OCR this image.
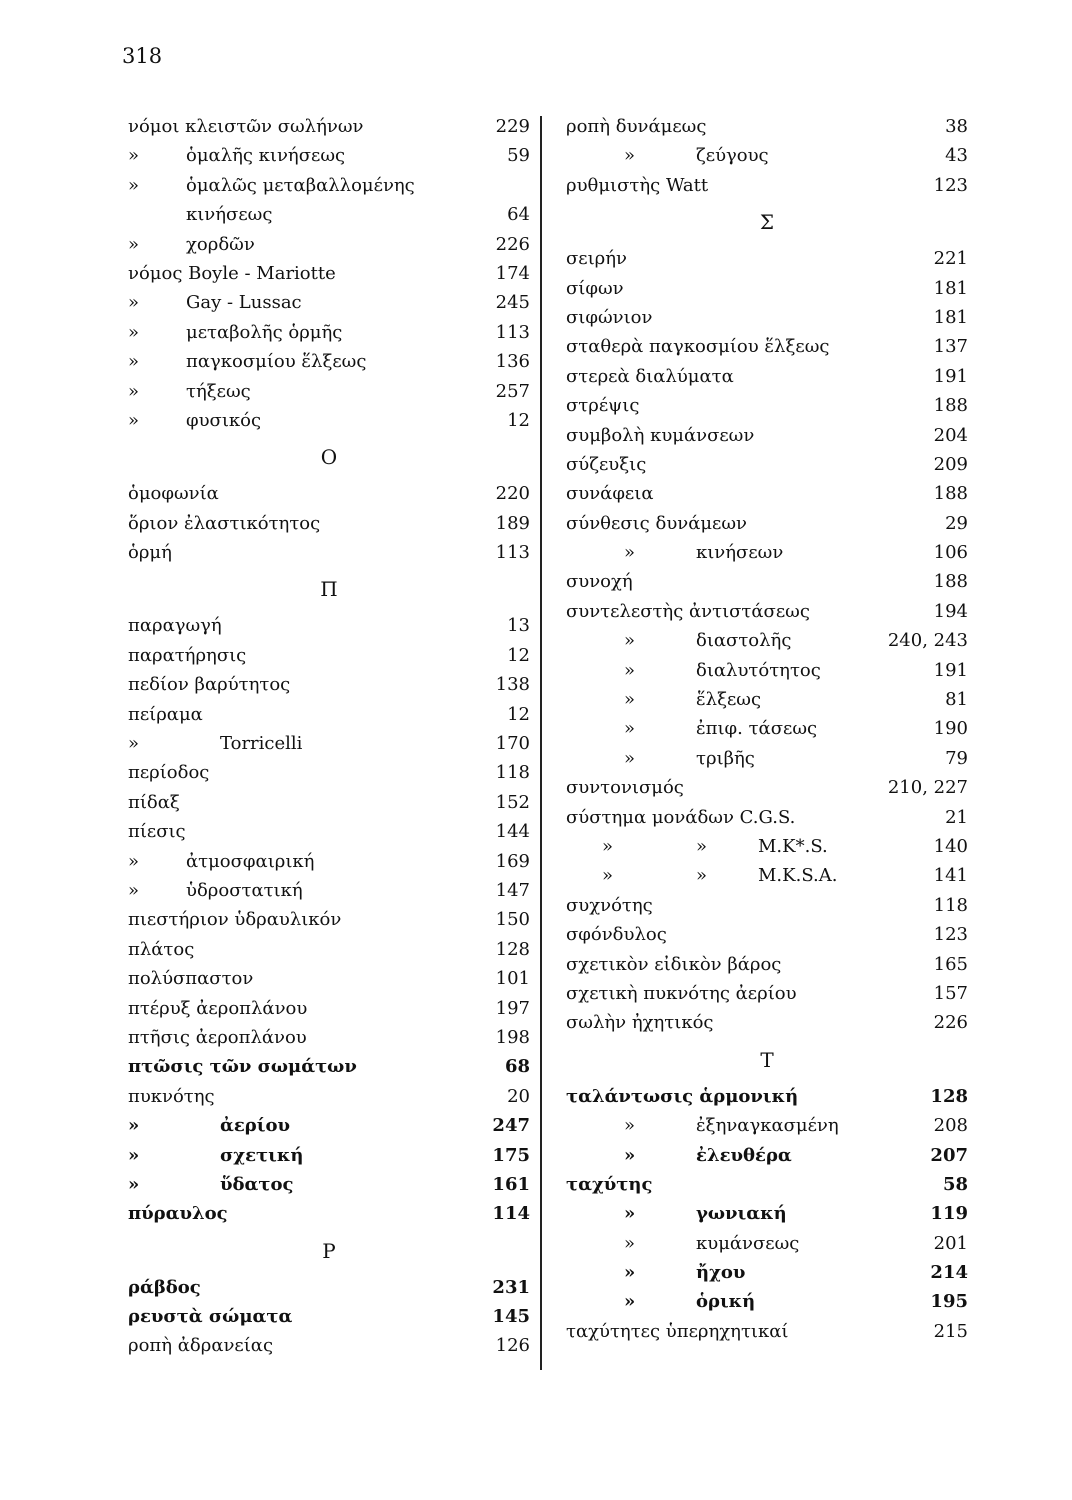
318
νόμοι κλειστῶν σωλήνων	229
»	ὁμαλῆς κινήσεως	59
»	ὁμαλῶς μεταβαλλομένης
κινήσεως	64
»	χορδῶν	226
νόμος Boyle - Mariotte	174
»	Gay - Lussac	245
»	μεταβολῆς ὁρμῆς	113
»	παγκοσμίου ἕλξεως	136
»	τήξεως	257
»	φυσικός	12
Ο
ὁμοφωνία	220
ὅριον ἐλαστικότητος	189
ὁρμή	113
Π
παραγωγή	13
παρατήρησις	12
πεδίον βαρύτητος	138
πείραμα	12
»	Torricelli	170
περίοδος	118
πίδαξ	152
πίεσις	144
»	ἀτμοσφαιρική	169
»	ὑδροστατική	147
πιεστήριον ὑδραυλικόν	150
πλάτος	128
πολύσπαστον	101
πτέρυξ ἀεροπλάνου	197
πτῆσις ἀεροπλάνου	198
πτῶσις τῶν σωμάτων	68
πυκνότης	20
»	ἀερίου	247
»	σχετική	175
»	ὕδατος	161
πύραυλος	114
Ρ
ράβδος	231
ρευστὰ σώματα	145
ροπὴ ἀδρανείας	126
ροπὴ δυνάμεως	38
»	ζεύγους	43
ρυθμιστὴς Watt	123
Σ
σειρήν	221
σίφων	181
σιφώνιον	181
σταθερὰ παγκοσμίου ἕλξεως	137
στερεὰ διαλύματα	191
στρέψις	188
συμβολὴ κυμάνσεων	204
σύζευξις	209
συνάφεια	188
σύνθεσις δυνάμεων	29
»	κινήσεων	106
συνοχή	188
συντελεστὴς ἀντιστάσεως	194
»	διαστολῆς	240, 243
»	διαλυτότητος	191
»	ἕλξεως	81
»	ἐπιφ. τάσεως	190
»	τριβῆς	79
συντονισμός	210, 227
σύστημα μονάδων C.G.S.	21
»	»	M.K*.S.	140
»	»	M.K.S.A.	141
συχνότης	118
σφόνδυλος	123
σχετικὸν εἰδικὸν βάρος	165
σχετικὴ πυκνότης ἀερίου	157
σωλὴν ἠχητικός	226
Τ
ταλάντωσις ἁρμονική	128
»	ἐξηναγκασμένη	208
»	ἐλευθέρα	207
ταχύτης	58
»	γωνιακή	119
»	κυμάνσεως	201
»	ἤχου	214
»	ὁρική	195
ταχύτητες ὑπερηχητικαί	215
